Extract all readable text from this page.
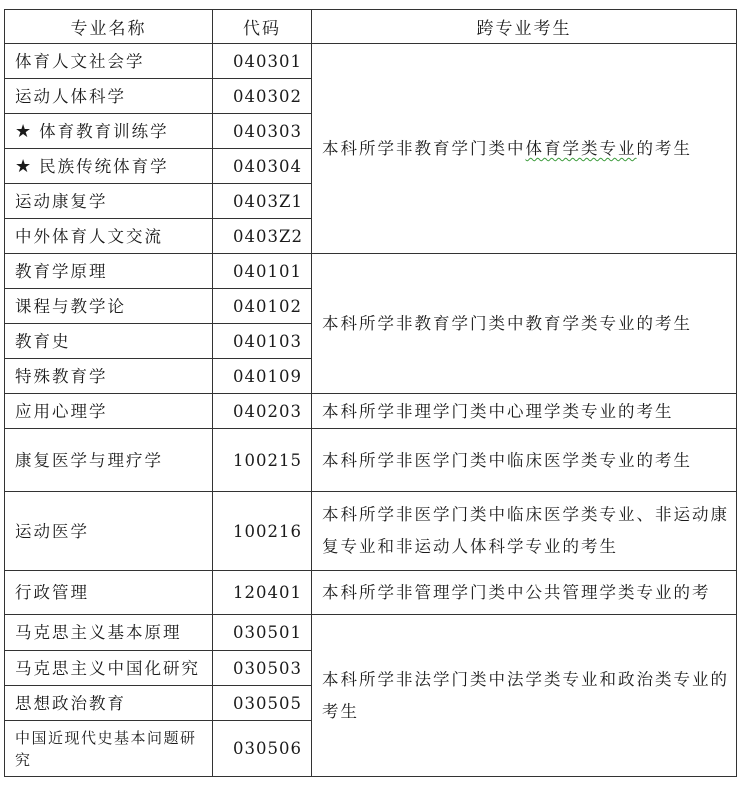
专业名称	代码	跨专业考生
体育人文社会学	040301	本科所学非教育学门类中体育学类专业的考生
运动人体科学	040302	
★ 体育教育训练学	040303	
★ 民族传统体育学	040304	
运动康复学	0403Z1	
中外体育人文交流	0403Z2	
教育学原理	040101	本科所学非教育学门类中教育学类专业的考生
课程与教学论	040102	
教育史	040103	
特殊教育学	040109	
应用心理学	040203	本科所学非理学门类中心理学类专业的考生
康复医学与理疗学	100215	本科所学非医学门类中临床医学类专业的考生
运动医学	100216	本科所学非医学门类中临床医学类专业、非运动康复专业和非运动人体科学专业的考生
行政管理	120401	本科所学非管理学门类中公共管理学类专业的考
马克思主义基本原理	030501	本科所学非法学门类中法学类专业和政治类专业的考生
马克思主义中国化研究	030503	
思想政治教育	030505	
中国近现代史基本问题研究	030506	
